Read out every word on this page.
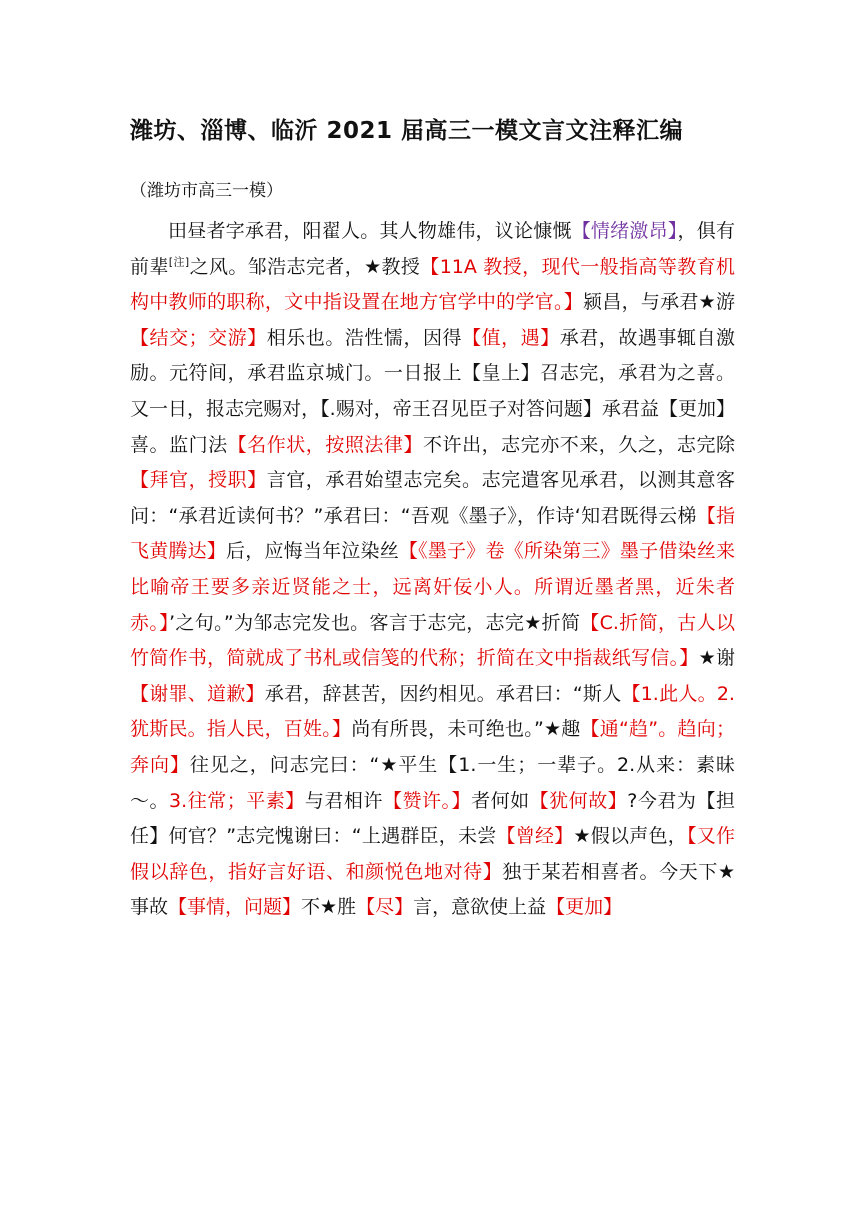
潍坊、淄博、临沂 2021 届高三一模文言文注释汇编
（潍坊市高三一模）
田昼者字承君，阳翟人。其人物雄伟，议论慷慨【情绪激昂】，俱有前辈[注]之风。邹浩志完者，★教授【11A 教授，现代一般指高等教育机构中教师的职称，文中指设置在地方官学中的学官。】颍昌，与承君★游【结交；交游】相乐也。浩性懦，因得【值，遇】承君，故遇事辄自激励。元符间，承君监京城门。一日报上【皇上】召志完，承君为之喜。又一日，报志完赐对，【.赐对，帝王召见臣子对答问题】承君益【更加】喜。监门法【名作状，按照法律】不许出，志完亦不来，久之，志完除【拜官，授职】言官，承君始望志完矣。志完遣客见承君，以测其意客问：“承君近读何书？”承君曰：“吾观《墨子》，作诗‘知君既得云梯【指飞黄腾达】后，应悔当年泣染丝【《墨子》卷《所染第三》墨子借染丝来比喻帝王要多亲近贤能之士，远离奸佞小人。所谓近墨者黑，近朱者赤。】’之句。”为邹志完发也。客言于志完，志完★折简【C.折简，古人以竹简作书，简就成了书札或信笺的代称；折简在文中指裁纸写信。】★谢【谢罪、道歉】承君，辞甚苦，因约相见。承君曰：“斯人【1.此人。2.犹斯民。指人民，百姓。】尚有所畏，未可绝也。”★趣【通“趋”。趋向；奔向】往见之，问志完曰：“★平生【1.一生；一辈子。2.从来：素昧～。3.往常；平素】与君相许【赞许。】者何如【犹何故】?今君为【担任】何官？”志完愧谢曰：“上遇群臣，未尝【曾经】★假以声色，【又作假以辞色，指好言好语、和颜悦色地对待】独于某若相喜者。今天下★事故【事情，问题】不★胜【尽】言，意欲使上益【更加】
